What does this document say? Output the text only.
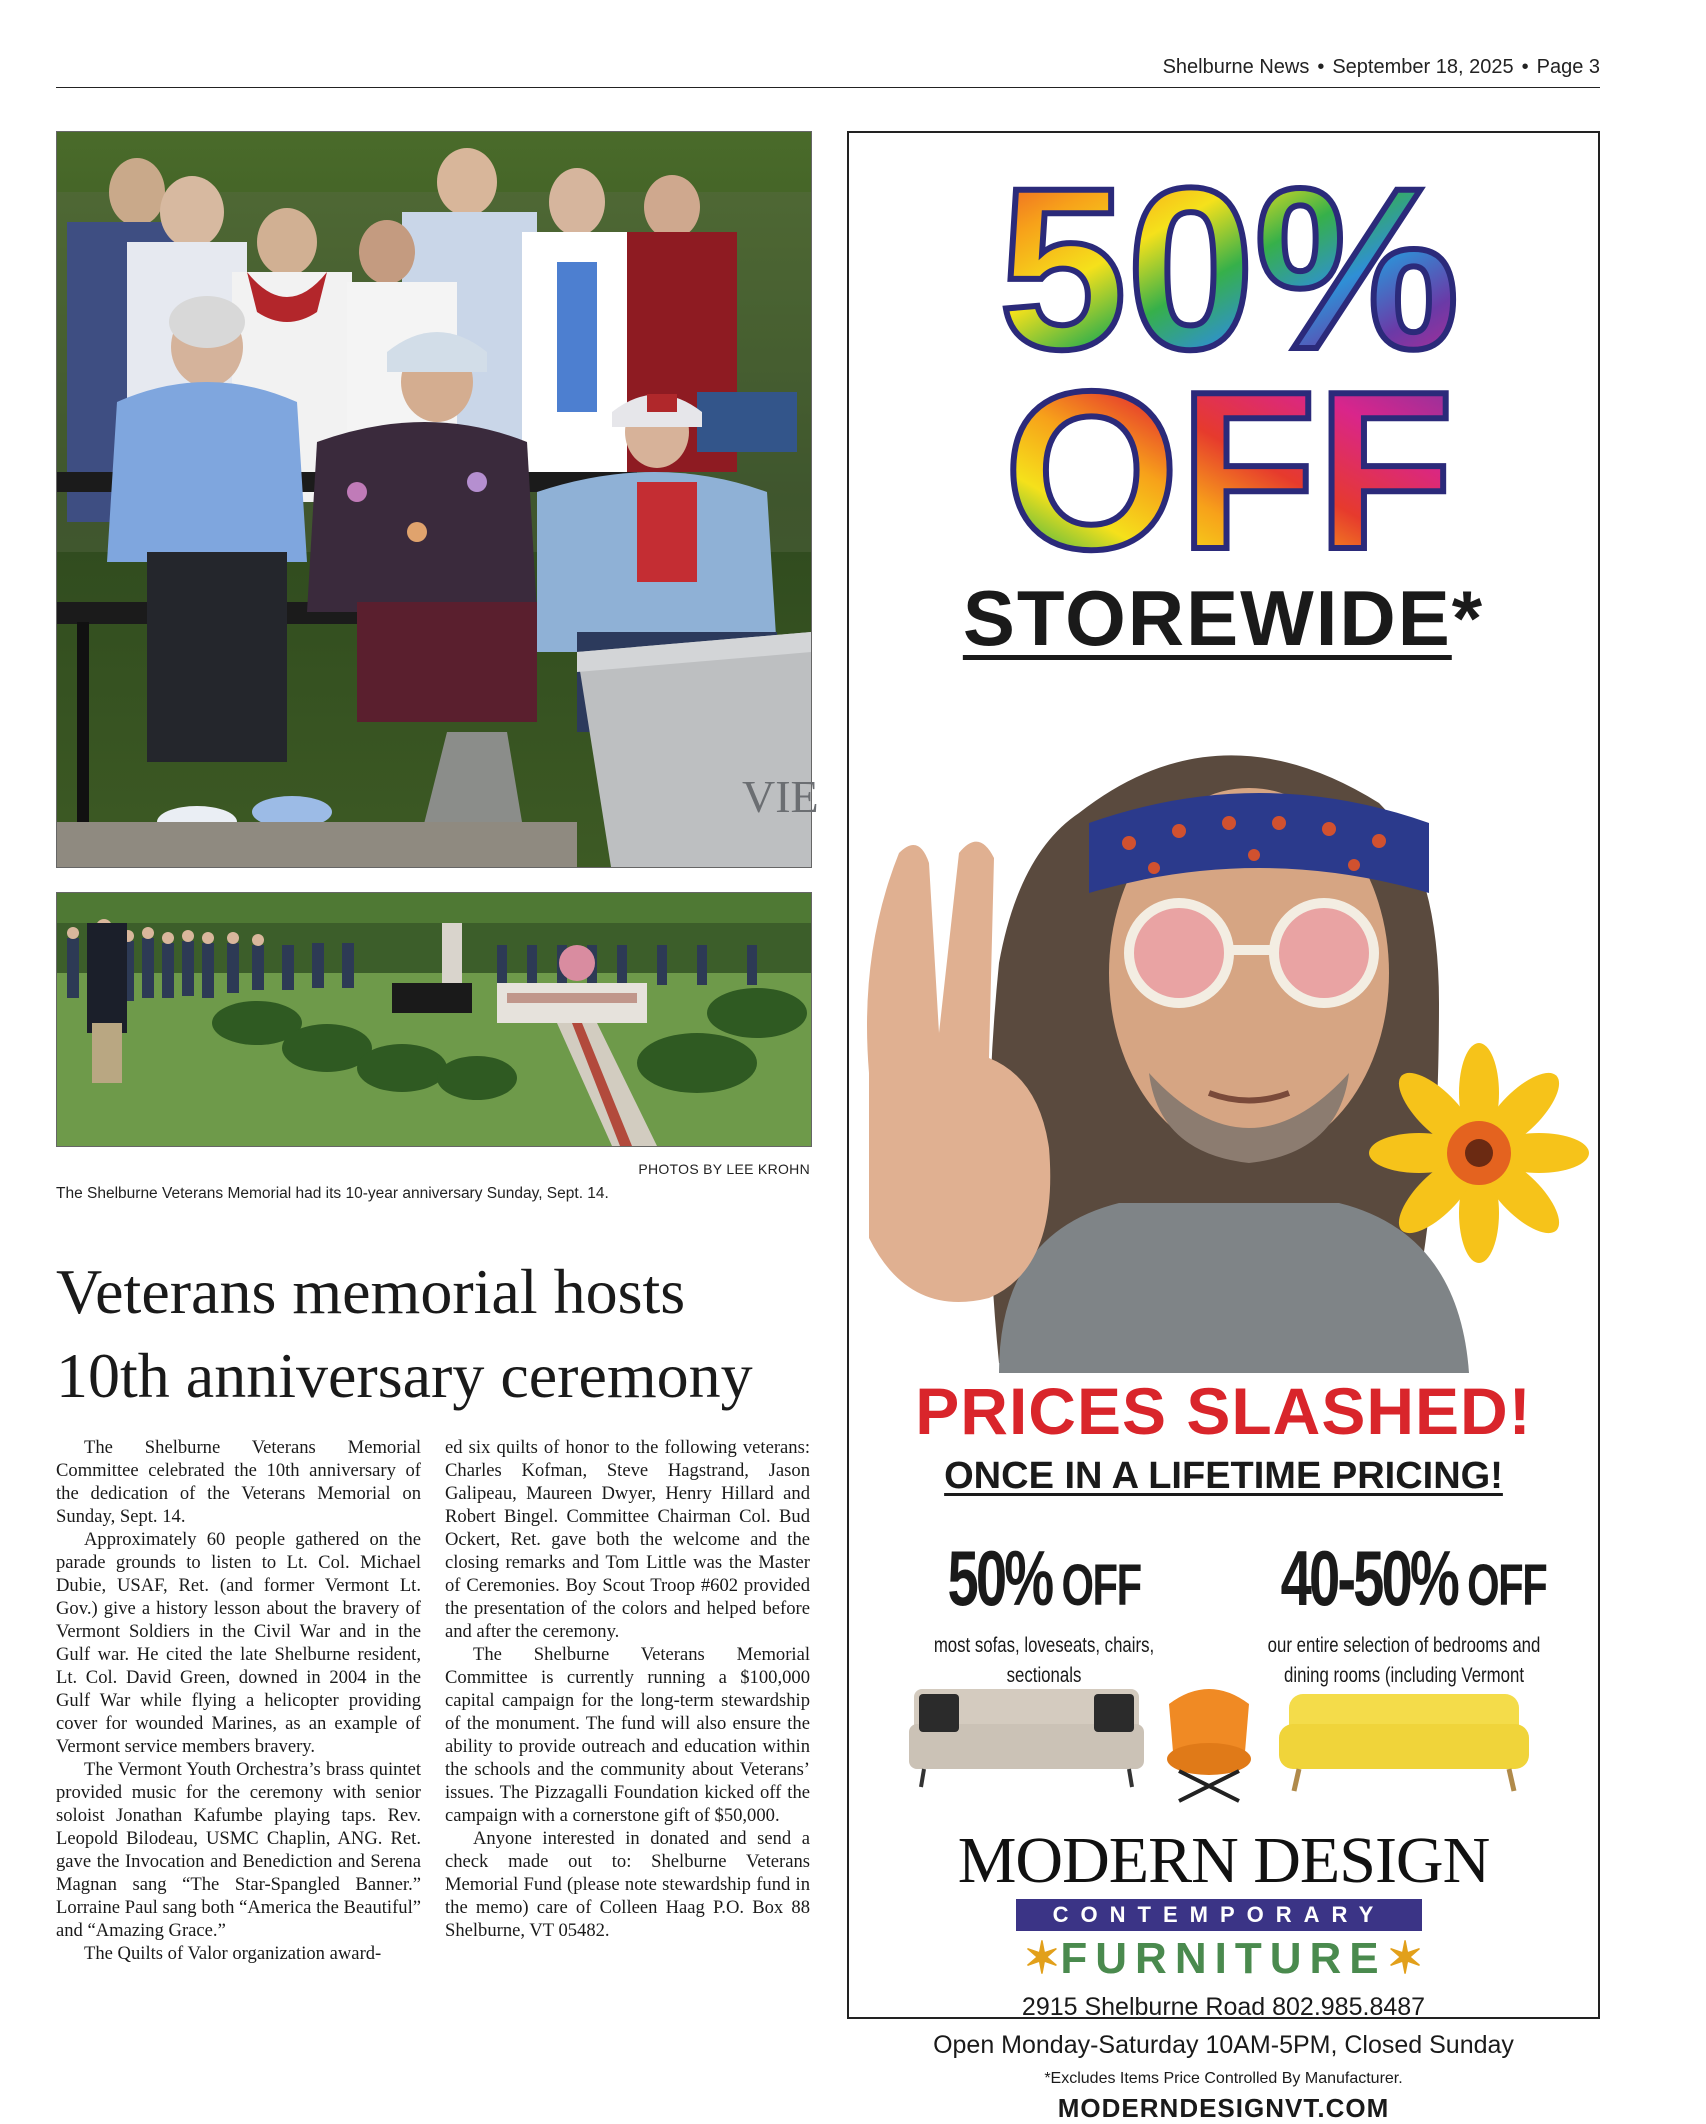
Shelburne News • September 18, 2025 • Page 3
VIE
PHOTOS BY LEE KROHN
The Shelburne Veterans Memorial had its 10-year anniversary Sunday, Sept. 14.
Veterans memorial hosts
10th anniversary ceremony

The Shelburne Veterans Memorial Committee celebrated the 10th anniversary of the dedication of the Veterans Memorial on Sunday, Sept. 14.

Approximately 60 people gathered on the parade grounds to listen to Lt. Col. Michael Dubie, USAF, Ret. (and former Vermont Lt. Gov.) give a history lesson about the bravery of Vermont Soldiers in the Civil War and in the Gulf war. He cited the late Shelburne resident, Lt. Col. David Green, downed in 2004 in the Gulf War while flying a helicopter providing cover for wounded Marines, as an example of Vermont service members bravery.

The Vermont Youth Orchestra’s brass quintet provided music for the ceremony with senior soloist Jonathan Kafumbe playing taps. Rev. Leopold Bilodeau, USMC Chaplin, ANG. Ret. gave the Invocation and Benediction and Serena Magnan sang “The Star-Spangled Banner.” Lorraine Paul sang both “America the Beautiful” and “Amazing Grace.”

The Quilts of Valor organization award-

ed six quilts of honor to the following veterans: Charles Kofman, Steve Hagstrand, Jason Galipeau, Maureen Dwyer, Henry Hillard and Robert Bingel. Committee Chairman Col. Bud Ockert, Ret. gave both the welcome and the closing remarks and Tom Little was the Master of Ceremonies. Boy Scout Troop #602 provided the presentation of the colors and helped before and after the ceremony.

The Shelburne Veterans Memorial Committee is currently running a $100,000 capital campaign for the long-term stewardship of the monument. The fund will also ensure the ability to provide outreach and education within the schools and the community about Veterans’ issues. The Pizzagalli Foundation kicked off the campaign with a cornerstone gift of $50,000.

Anyone interested in donated and send a check made out to: Shelburne Veterans Memorial Fund (please note stewardship fund in the memo) care of Colleen Haag P.O. Box 88 Shelburne, VT 05482.

50%
OFF
STOREWIDE*
PRICES SLASHED!
ONCE IN A LIFETIME PRICING!
50% OFF
most sofas, loveseats, chairs, sectionals
40-50% OFF
our entire selection of bedrooms and
dining rooms (including Vermont
MODERN DESIGN
CONTEMPORARY
✶FURNITURE✶
2915 Shelburne Road 802.985.8487
Open Monday-Saturday 10AM-5PM, Closed Sunday
*Excludes Items Price Controlled By Manufacturer.
MODERNDESIGNVT.COM
